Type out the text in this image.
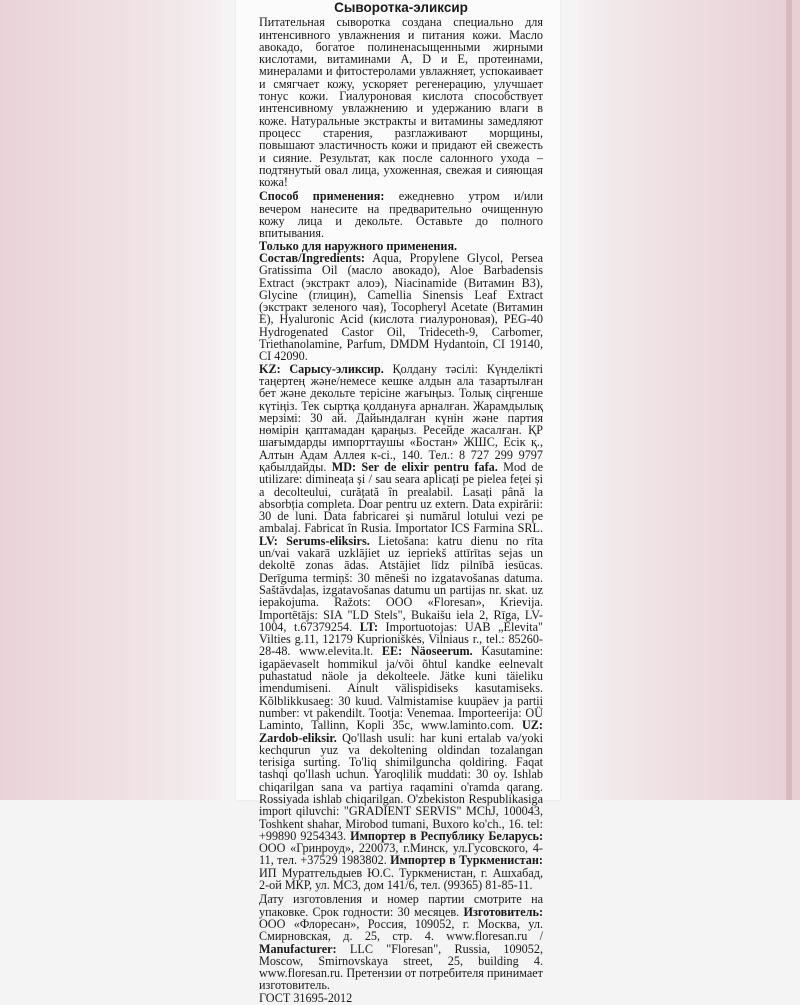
Сыворотка-эликсир

Питательная сыворотка создана специально для интенсивного увлажнения и питания кожи. Масло авокадо, богатое полиненасыщенными жирными кислотами, витаминами А, D и Е, протеинами, минералами и фитостеролами увлажняет, успокаивает и смягчает кожу, ускоряет регенерацию, улучшает тонус кожи. Гиалуроновая кислота способствует интенсивному увлажнению и удержанию влаги в коже. Натуральные экстракты и витамины замедляют процесс старения, разглаживают морщины, повышают эластичность кожи и придают ей свежесть и сияние. Результат, как после салонного ухода – подтянутый овал лица, ухоженная, свежая и сияющая кожа!

Способ применения: ежедневно утром и/или вечером нанесите на предварительно очищенную кожу лица и декольте. Оставьте до полного впитывания.

Только для наружного применения.

Состав/Ingredients: Aqua, Propylene Glycol, Persea Gratissima Oil (масло авокадо), Aloe Barbadensis Extract (экстракт алоэ), Niacinamide (Витамин В3), Glycine (глицин), Camellia Sinensis Leaf Extract (экстракт зеленого чая), Tocopheryl Acetate (Витамин Е), Hyaluronic Acid (кислота гиалуроновая), PEG-40 Hydrogenated Castor Oil, Trideceth-9, Carbomer, Triethanolamine, Parfum, DMDM Hydantoin, CI 19140, CI 42090.

KZ: Сарысу-эликсир. Қолдану тәсілі: Күнделікті таңертең және/немесе кешке алдын ала тазартылған бет және декольте терісіне жағыңыз. Толық сіңгенше күтіңіз. Тек сыртқа қолдануға арналған. Жарамдылық мерзімі: 30 ай. Дайындалған күнін және партия нөмірін қаптамадан қараңыз. Ресейде жасалған. ҚР шағымдарды импорттаушы «Бостан» ЖШС, Есік қ., Алтын Адам Аллея к-сі., 140. Тел.: 8 727 299 9797 қабылдайды. MD: Ser de elixir pentru fafa. Mod de utilizare: dimineața și / sau seara aplicați pe pielea feței și a decolteului, curățată în prealabil. Lasați până la absorbția completa. Doar pentru uz extern. Data expirării: 30 de luni. Data fabricarei și numărul lotului vezi pe ambalaj. Fabricat în Rusia. Importator ICS Farmina SRL. LV: Serums-eliksirs. Lietošana: katru dienu no rīta un/vai vakarā uzklājiet uz iepriekš attīrītas sejas un dekoltē zonas ādas. Atstājiet līdz pilnībā iesūcas. Derīguma termiņš: 30 mēneši no izgatavošanas datuma. Saštāvdaļas, izgatavošanas datumu un partijas nr. skat. uz iepakojuma. Ražots: ООО «Floresan», Krievija. Importētājs: SIA "LD Stels", Bukaišu iela 2, Rīga, LV-1004, t.67379254. LT: Importuotojas: UAB „Elevita" Vilties g.11, 12179 Kuprioniškės, Vilniaus r., tel.: 85260-28-48. www.elevita.lt. EE: Näoseerum. Kasutamine: igapäevaselt hommikul ja/või õhtul kandke eelnevalt puhastatud näole ja dekolteele. Jätke kuni täieliku imendumiseni. Ainult välispidiseks kasutamiseks. Kõlblikkusaeg: 30 kuud. Valmistamise kuupäev ja partii number: vt pakendilt. Tootja: Venemaa. Importeerija: OÜ Laminto, Tallinn, Kopli 35c, www.laminto.com. UZ: Zardob-eliksir. Qo'llash usuli: har kuni ertalab va/yoki kechqurun yuz va dekoltening oldindan tozalangan terisiga surting. To'liq shimilguncha qoldiring. Faqat tashqi qo'llash uchun. Yaroqlilik muddati: 30 oy. Ishlab chiqarilgan sana va partiya raqamini o'ramda qarang. Rossiyada ishlab chiqarilgan. O'zbekiston Respublikasiga import qiluvchi: "GRADIENT SERVIS" MChJ, 100043, Toshkent shahar, Mirobod tumani, Buxoro ko'ch., 16. tel: +99890 9254343. Импортер в Республику Беларусь: ООО «Гринроуд», 220073, г.Минск, ул.Гусовского, 4-11, тел. +37529 1983802. Импортер в Туркменистан: ИП Муратгельдыев Ю.С. Туркменистан, г. Ашхабад, 2-ой МКР, ул. МС3, дом 141/6, тел. (99365) 81-85-11.

Дату изготовления и номер партии смотрите на упаковке. Срок годности: 30 месяцев. Изготовитель: ООО «Флоресан», Россия, 109052, г. Москва, ул. Смирновская, д. 25, стр. 4. www.floresan.ru / Manufacturer: LLC "Floresan", Russia, 109052, Moscow, Smirnovskaya street, 25, building 4. www.floresan.ru. Претензии от потребителя принимает изготовитель.

ГОСТ 31695-2012
